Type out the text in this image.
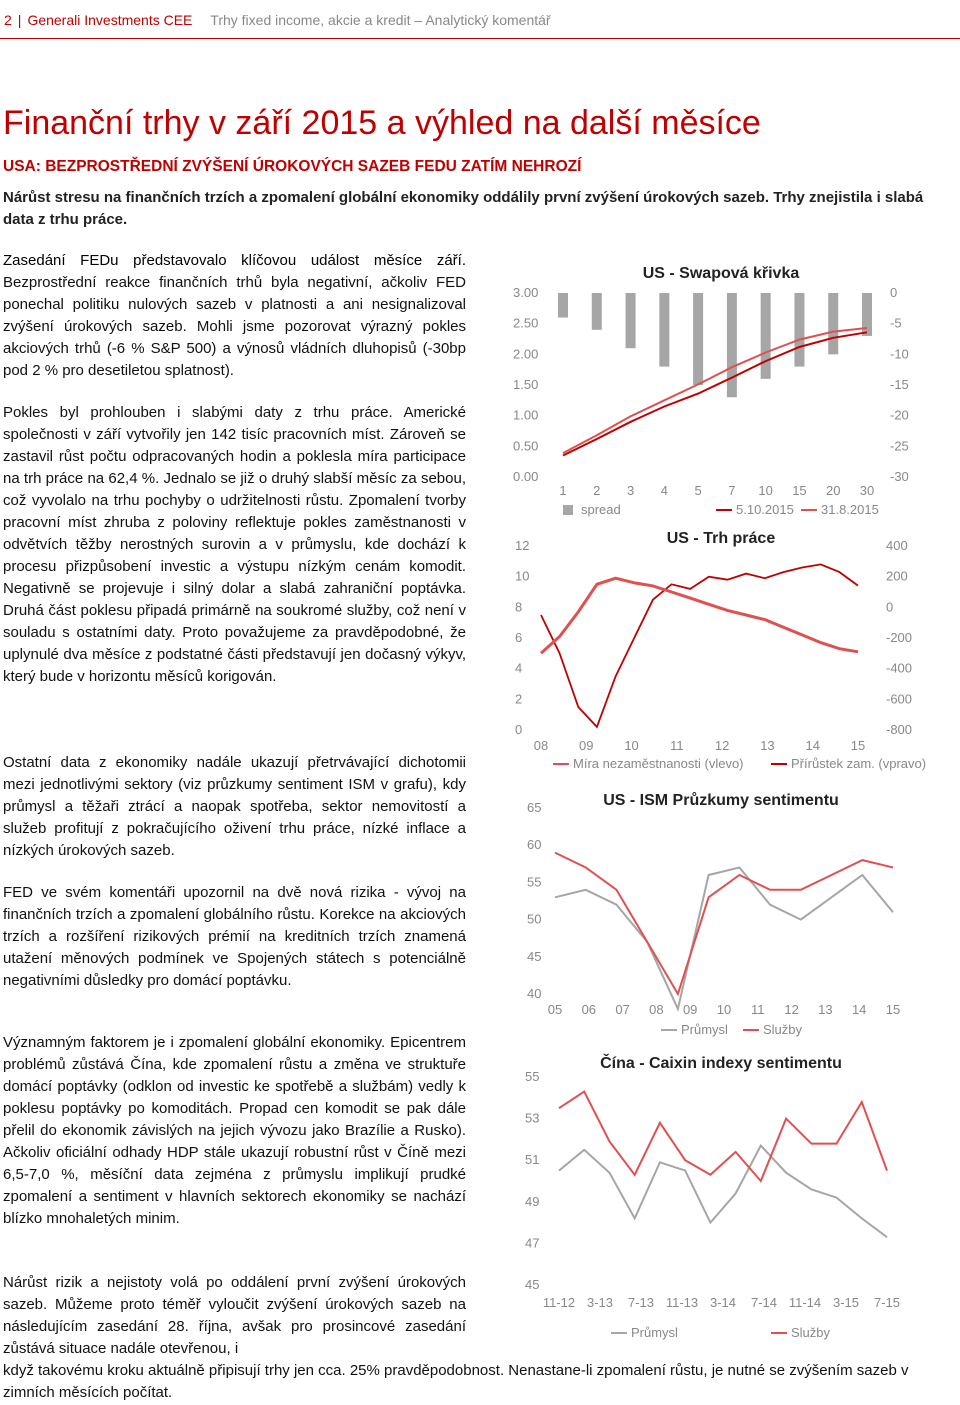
2 | Generali Investments CEE Trhy fixed income, akcie a kredit – Analytický komentář
Finanční trhy v září 2015 a výhled na další měsíce
USA: BEZPROSTŘEDNÍ ZVÝŠENÍ ÚROKOVÝCH SAZEB FEDU ZATÍM NEHROZÍ
Nárůst stresu na finančních trzích a zpomalení globální ekonomiky oddálily první zvýšení úrokových sazeb. Trhy znejistila i slabá data z trhu práce.
Zasedání FEDu představovalo klíčovou událost měsíce září. Bezprostřední reakce finančních trhů byla negativní, ačkoliv FED ponechal politiku nulových sazeb v platnosti a ani nesignalizoval zvýšení úrokových sazeb. Mohli jsme pozorovat výrazný pokles akciových trhů (-6 % S&P 500) a výnosů vládních dluhopisů (-30bp pod 2 % pro desetiletou splatnost).
Pokles byl prohlouben i slabými daty z trhu práce. Americké společnosti v září vytvořily jen 142 tisíc pracovních míst. Zároveň se zastavil růst počtu odpracovaných hodin a poklesla míra participace na trh práce na 62,4 %. Jednalo se již o druhý slabší měsíc za sebou, což vyvolalo na trhu pochyby o udržitelnosti růstu. Zpomalení tvorby pracovní míst zhruba z poloviny reflektuje pokles zaměstnanosti v odvětvích těžby nerostných surovin a v průmyslu, kde dochází k procesu přizpůsobení investic a výstupu nízkým cenám komodit. Negativně se projevuje i silný dolar a slabá zahraniční poptávka. Druhá část poklesu připadá primárně na soukromé služby, což není v souladu s ostatními daty. Proto považujeme za pravděpodobné, že uplynulé dva měsíce z podstatné části představují jen dočasný výkyv, který bude v horizontu měsíců korigován.
Ostatní data z ekonomiky nadále ukazují přetrvávající dichotomii mezi jednotlivými sektory (viz průzkumy sentiment ISM v grafu), kdy průmysl a těžaři ztrácí a naopak spotřeba, sektor nemovitostí a služeb profitují z pokračujícího oživení trhu práce, nízké inflace a nízkých úrokových sazeb.
FED ve svém komentáři upozornil na dvě nová rizika - vývoj na finančních trzích a zpomalení globálního růstu. Korekce na akciových trzích a rozšíření rizikových prémií na kreditních trzích znamená utažení měnových podmínek ve Spojených státech s potenciálně negativními důsledky pro domácí poptávku.
Významným faktorem je i zpomalení globální ekonomiky. Epicentrem problémů zůstává Čína, kde zpomalení růstu a změna ve struktuře domácí poptávky (odklon od investic ke spotřebě a službám) vedly k poklesu poptávky po komoditách. Propad cen komodit se pak dále přelil do ekonomik závislých na jejich vývozu jako Brazílie a Rusko). Ačkoliv oficiální odhady HDP stále ukazují robustní růst v Číně mezi 6,5-7,0 %, měsíční data zejména z průmyslu implikují prudké zpomalení a sentiment v hlavních sektorech ekonomiky se nachází blízko mnohaletých minim.
Nárůst rizik a nejistoty volá po oddálení první zvýšení úrokových sazeb. Můžeme proto téměř vyloučit zvýšení úrokových sazeb na následujícím zasedání 28. října, avšak pro prosincové zasedání zůstává situace nadále otevřenou, i
když takovému kroku aktuálně připisují trhy jen cca. 25% pravděpodobnost. Nenastane-li zpomalení růstu, je nutné se zvýšením sazeb v zimních měsících počítat.
US - Swapová křivka
3.00
2.50
2.00
1.50
1.00
0.50
0.00
0
-5
-10
-15
-20
-25
-30
1 2 3 4 5 7 10 15 20 30
spread	5.10.2015 31.8.2015
US - Trh práce
12
10
8
6
4
2
0
400
200
0
-200
-400
-600
-800
08 09 10 11 12 13 14 15
Míra nezaměstnanosti (vlevo)	Přírůstek zam. (vpravo)
US - ISM Průzkumy sentimentu
65
60
55
50
45
40
05 06 07 08 09 10 11 12 13 14 15
Průmysl	Služby
Čína - Caixin indexy sentimentu
55
53
51
49
47
45
11-12 3-13 7-13 11-13 3-14 7-14 11-14 3-15 7-15
Průmysl	Služby
